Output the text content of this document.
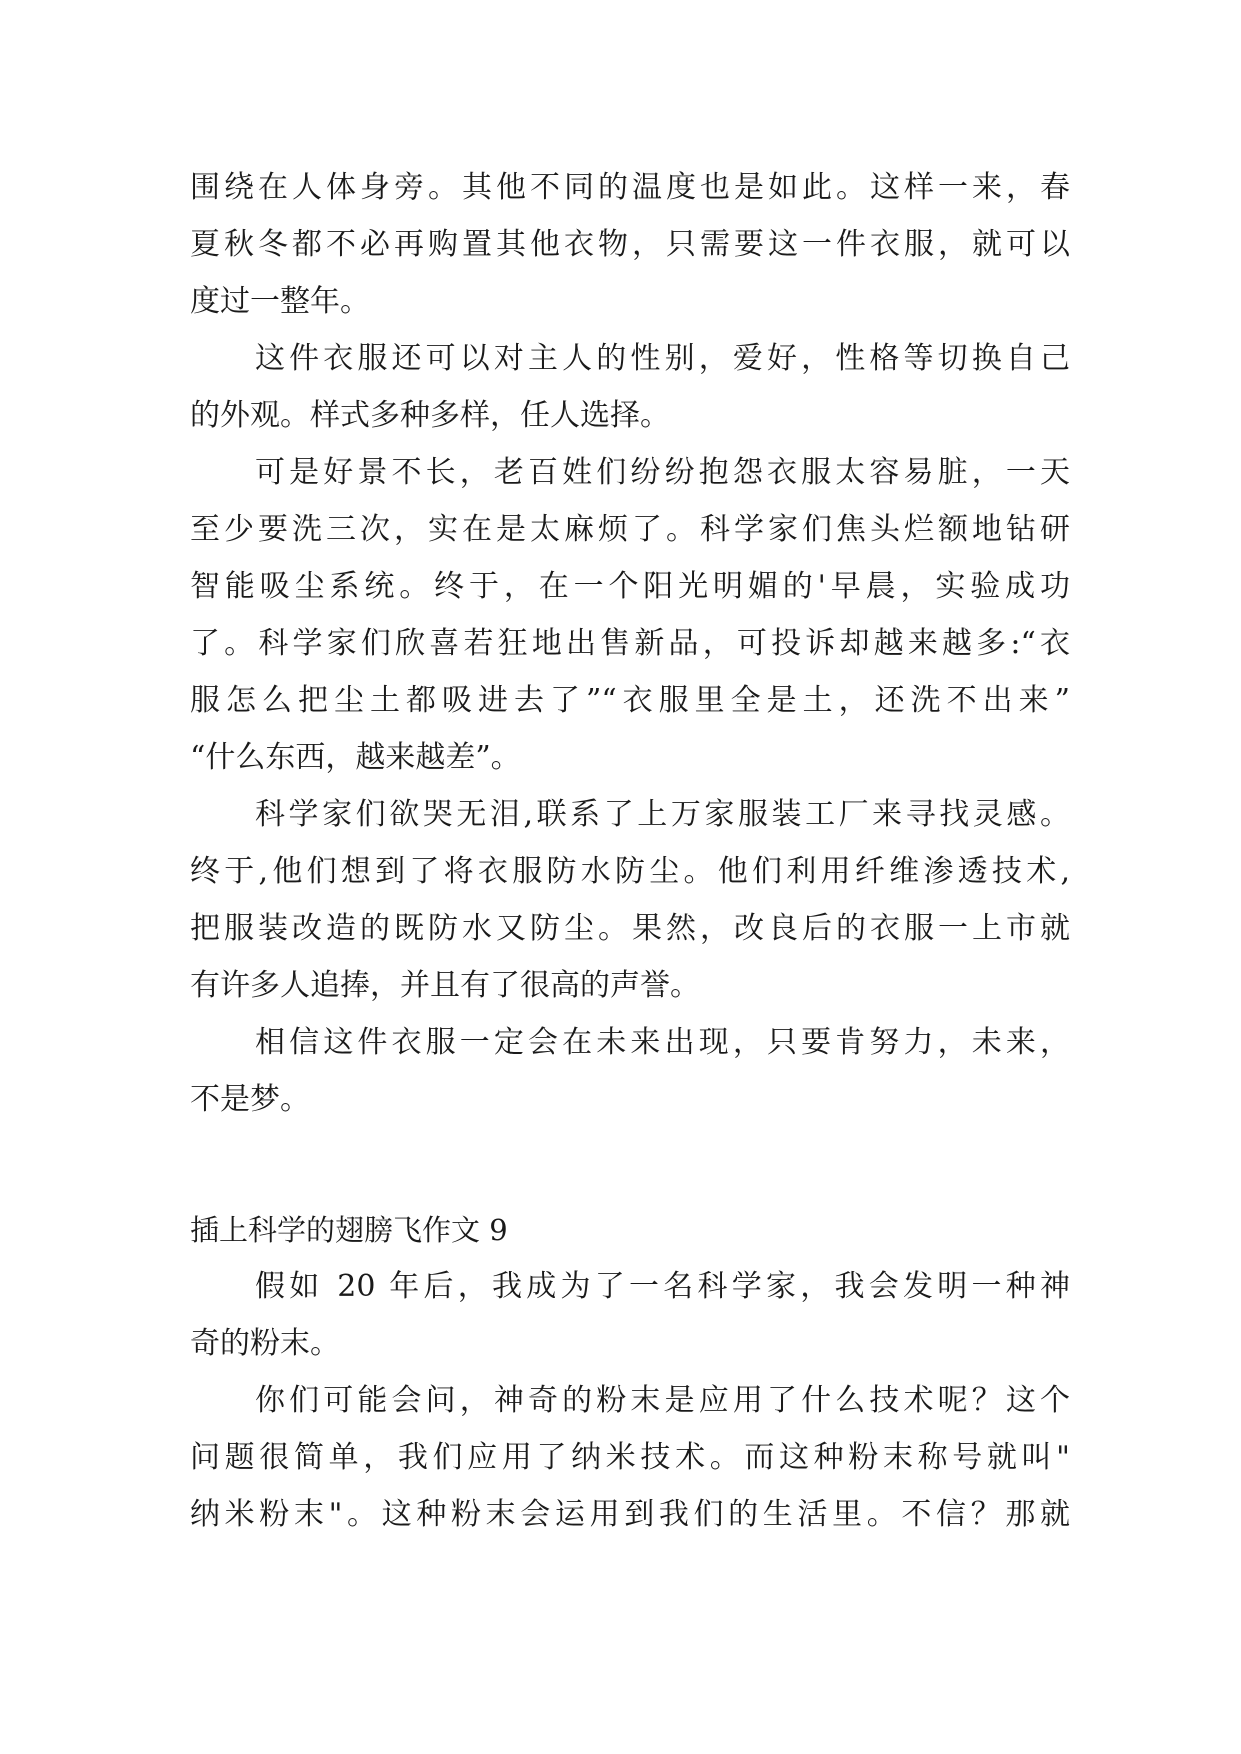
围绕在人体身旁。其他不同的温度也是如此。这样一来，春
夏秋冬都不必再购置其他衣物，只需要这一件衣服，就可以
度过一整年。
这件衣服还可以对主人的性别，爱好，性格等切换自己
的外观。样式多种多样，任人选择。
可是好景不长，老百姓们纷纷抱怨衣服太容易脏，一天
至少要洗三次，实在是太麻烦了。科学家们焦头烂额地钻研
智能吸尘系统。终于，在一个阳光明媚的'早晨，实验成功
了。科学家们欣喜若狂地出售新品，可投诉却越来越多:“衣
服怎么把尘土都吸进去了”“衣服里全是土，还洗不出来”
“什么东西，越来越差”。
科学家们欲哭无泪,联系了上万家服装工厂来寻找灵感。
终于,他们想到了将衣服防水防尘。他们利用纤维渗透技术,
把服装改造的既防水又防尘。果然，改良后的衣服一上市就
有许多人追捧，并且有了很高的声誉。
相信这件衣服一定会在未来出现，只要肯努力，未来，
不是梦。
插上科学的翅膀飞作文 9
假如 20 年后，我成为了一名科学家，我会发明一种神
奇的粉末。
你们可能会问，神奇的粉末是应用了什么技术呢？这个
问题很简单，我们应用了纳米技术。而这种粉末称号就叫"
纳米粉末"。这种粉末会运用到我们的生活里。不信？那就
